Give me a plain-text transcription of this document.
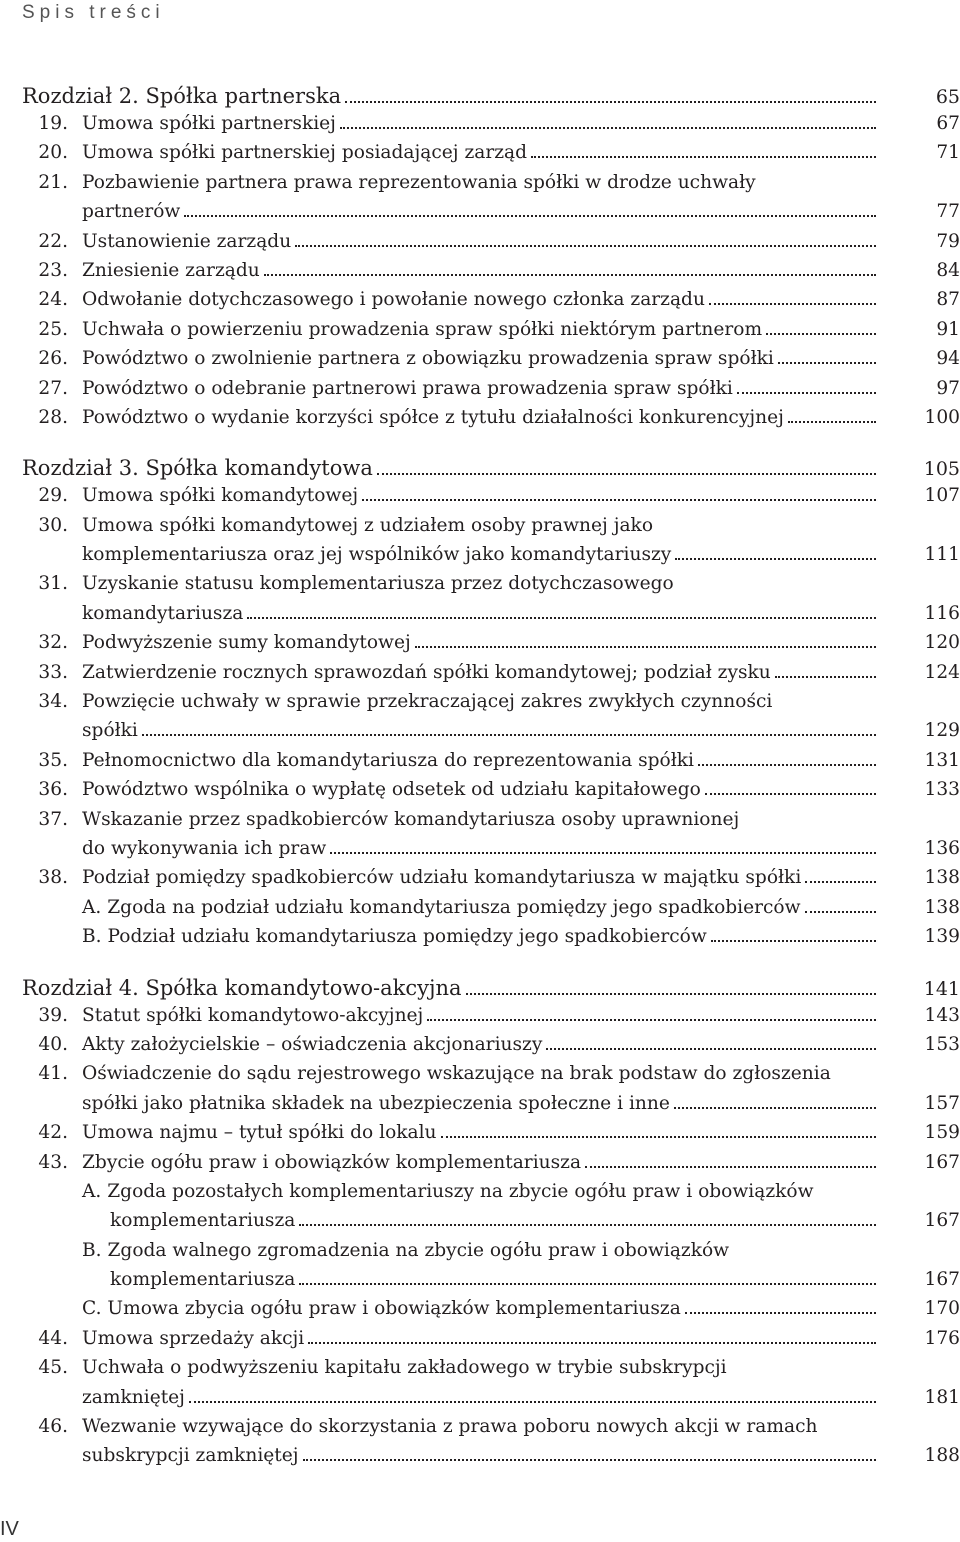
Spis treści
Rozdział 2. Spółka partnerska	65
19. Umowa spółki partnerskiej	67
20. Umowa spółki partnerskiej posiadającej zarząd	71
21. Pozbawienie partnera prawa reprezentowania spółki w drodze uchwały
partnerów	77
22. Ustanowienie zarządu	79
23. Zniesienie zarządu	84
24. Odwołanie dotychczasowego i powołanie nowego członka zarządu	87
25. Uchwała o powierzeniu prowadzenia spraw spółki niektórym partnerom	91
26. Powództwo o zwolnienie partnera z obowiązku prowadzenia spraw spółki	94
27. Powództwo o odebranie partnerowi prawa prowadzenia spraw spółki	97
28. Powództwo o wydanie korzyści spółce z tytułu działalności konkurencyjnej	100
Rozdział 3. Spółka komandytowa	105
29. Umowa spółki komandytowej	107
30. Umowa spółki komandytowej z udziałem osoby prawnej jako
komplementariusza oraz jej wspólników jako komandytariuszy	111
31. Uzyskanie statusu komplementariusza przez dotychczasowego
komandytariusza	116
32. Podwyższenie sumy komandytowej	120
33. Zatwierdzenie rocznych sprawozdań spółki komandytowej; podział zysku	124
34. Powzięcie uchwały w sprawie przekraczającej zakres zwykłych czynności
spółki	129
35. Pełnomocnictwo dla komandytariusza do reprezentowania spółki	131
36. Powództwo wspólnika o wypłatę odsetek od udziału kapitałowego	133
37. Wskazanie przez spadkobierców komandytariusza osoby uprawnionej
do wykonywania ich praw	136
38. Podział pomiędzy spadkobierców udziału komandytariusza w majątku spółki	138
A. Zgoda na podział udziału komandytariusza pomiędzy jego spadkobierców	138
B. Podział udziału komandytariusza pomiędzy jego spadkobierców	139
Rozdział 4. Spółka komandytowo-akcyjna	141
39. Statut spółki komandytowo-akcyjnej	143
40. Akty założycielskie – oświadczenia akcjonariuszy	153
41. Oświadczenie do sądu rejestrowego wskazujące na brak podstaw do zgłoszenia
spółki jako płatnika składek na ubezpieczenia społeczne i inne	157
42. Umowa najmu – tytuł spółki do lokalu	159
43. Zbycie ogółu praw i obowiązków komplementariusza	167
A. Zgoda pozostałych komplementariuszy na zbycie ogółu praw i obowiązków
komplementariusza	167
B. Zgoda walnego zgromadzenia na zbycie ogółu praw i obowiązków
komplementariusza	167
C. Umowa zbycia ogółu praw i obowiązków komplementariusza	170
44. Umowa sprzedaży akcji	176
45. Uchwała o podwyższeniu kapitału zakładowego w trybie subskrypcji
zamkniętej	181
46. Wezwanie wzywające do skorzystania z prawa poboru nowych akcji w ramach
subskrypcji zamkniętej	188
IV
